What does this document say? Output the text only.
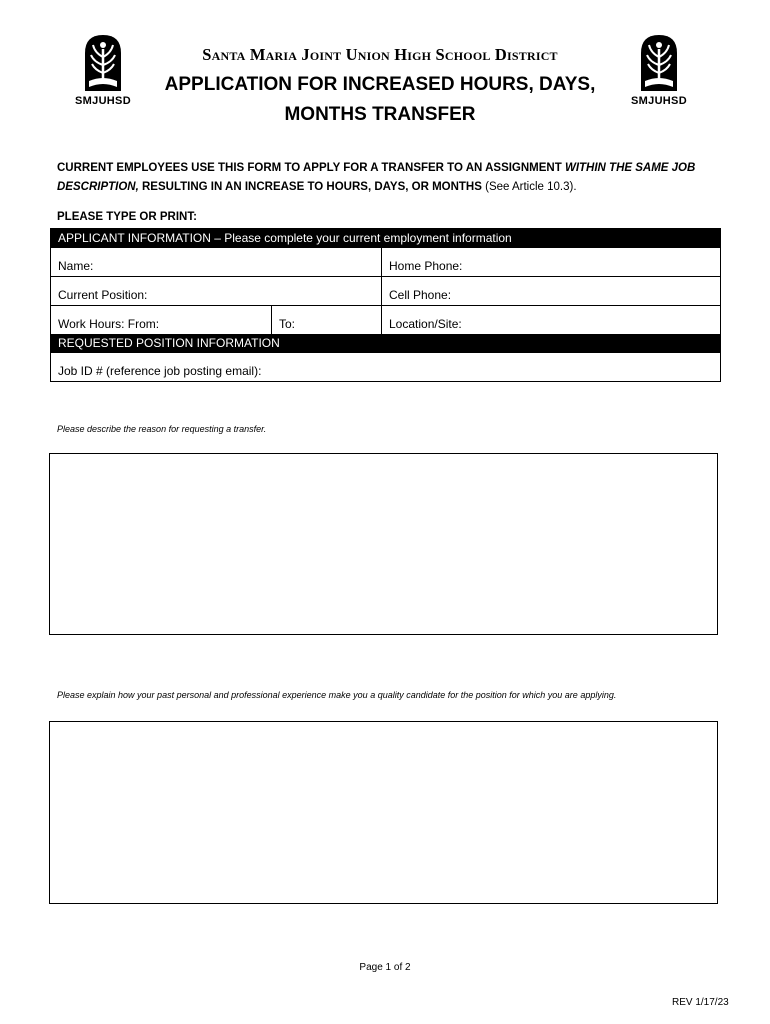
SMJUHSD	SMJUHSD
Santa Maria Joint Union High School District
APPLICATION FOR INCREASED HOURS, DAYS,
MONTHS TRANSFER
CURRENT EMPLOYEES USE THIS FORM TO APPLY FOR A TRANSFER TO AN ASSIGNMENT WITHIN THE SAME JOB DESCRIPTION, RESULTING IN AN INCREASE TO HOURS, DAYS, OR MONTHS (See Article 10.3).
PLEASE TYPE OR PRINT:
APPLICANT INFORMATION – Please complete your current employment information
Name:	Home Phone:
Current Position:	Cell Phone:
Work Hours: From:	To:	Location/Site:
REQUESTED POSITION INFORMATION
Job ID # (reference job posting email):
Please describe the reason for requesting a transfer.
Please explain how your past personal and professional experience make you a quality candidate for the position for which you are applying.
Page 1 of 2
REV 1/17/23
